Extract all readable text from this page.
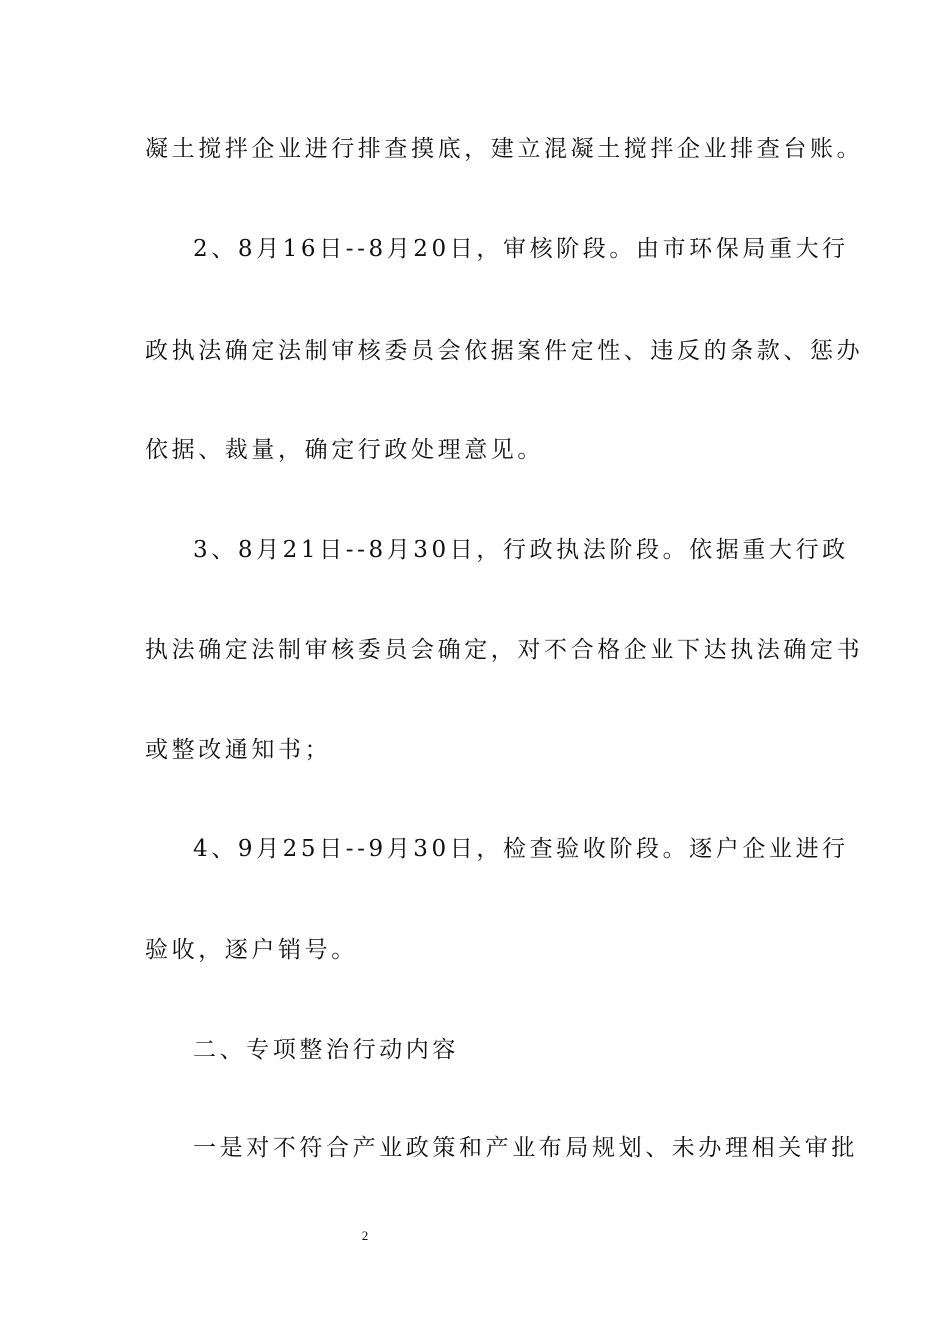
凝土搅拌企业进行排查摸底，建立混凝土搅拌企业排查台账。
2、8月16日--8月20日，审核阶段。由市环保局重大行
政执法确定法制审核委员会依据案件定性、违反的条款、惩办
依据、裁量，确定行政处理意见。
3、8月21日--8月30日，行政执法阶段。依据重大行政
执法确定法制审核委员会确定，对不合格企业下达执法确定书
或整改通知书；
4、9月25日--9月30日，检查验收阶段。逐户企业进行
验收，逐户销号。
二、专项整治行动内容
一是对不符合产业政策和产业布局规划、未办理相关审批
2
